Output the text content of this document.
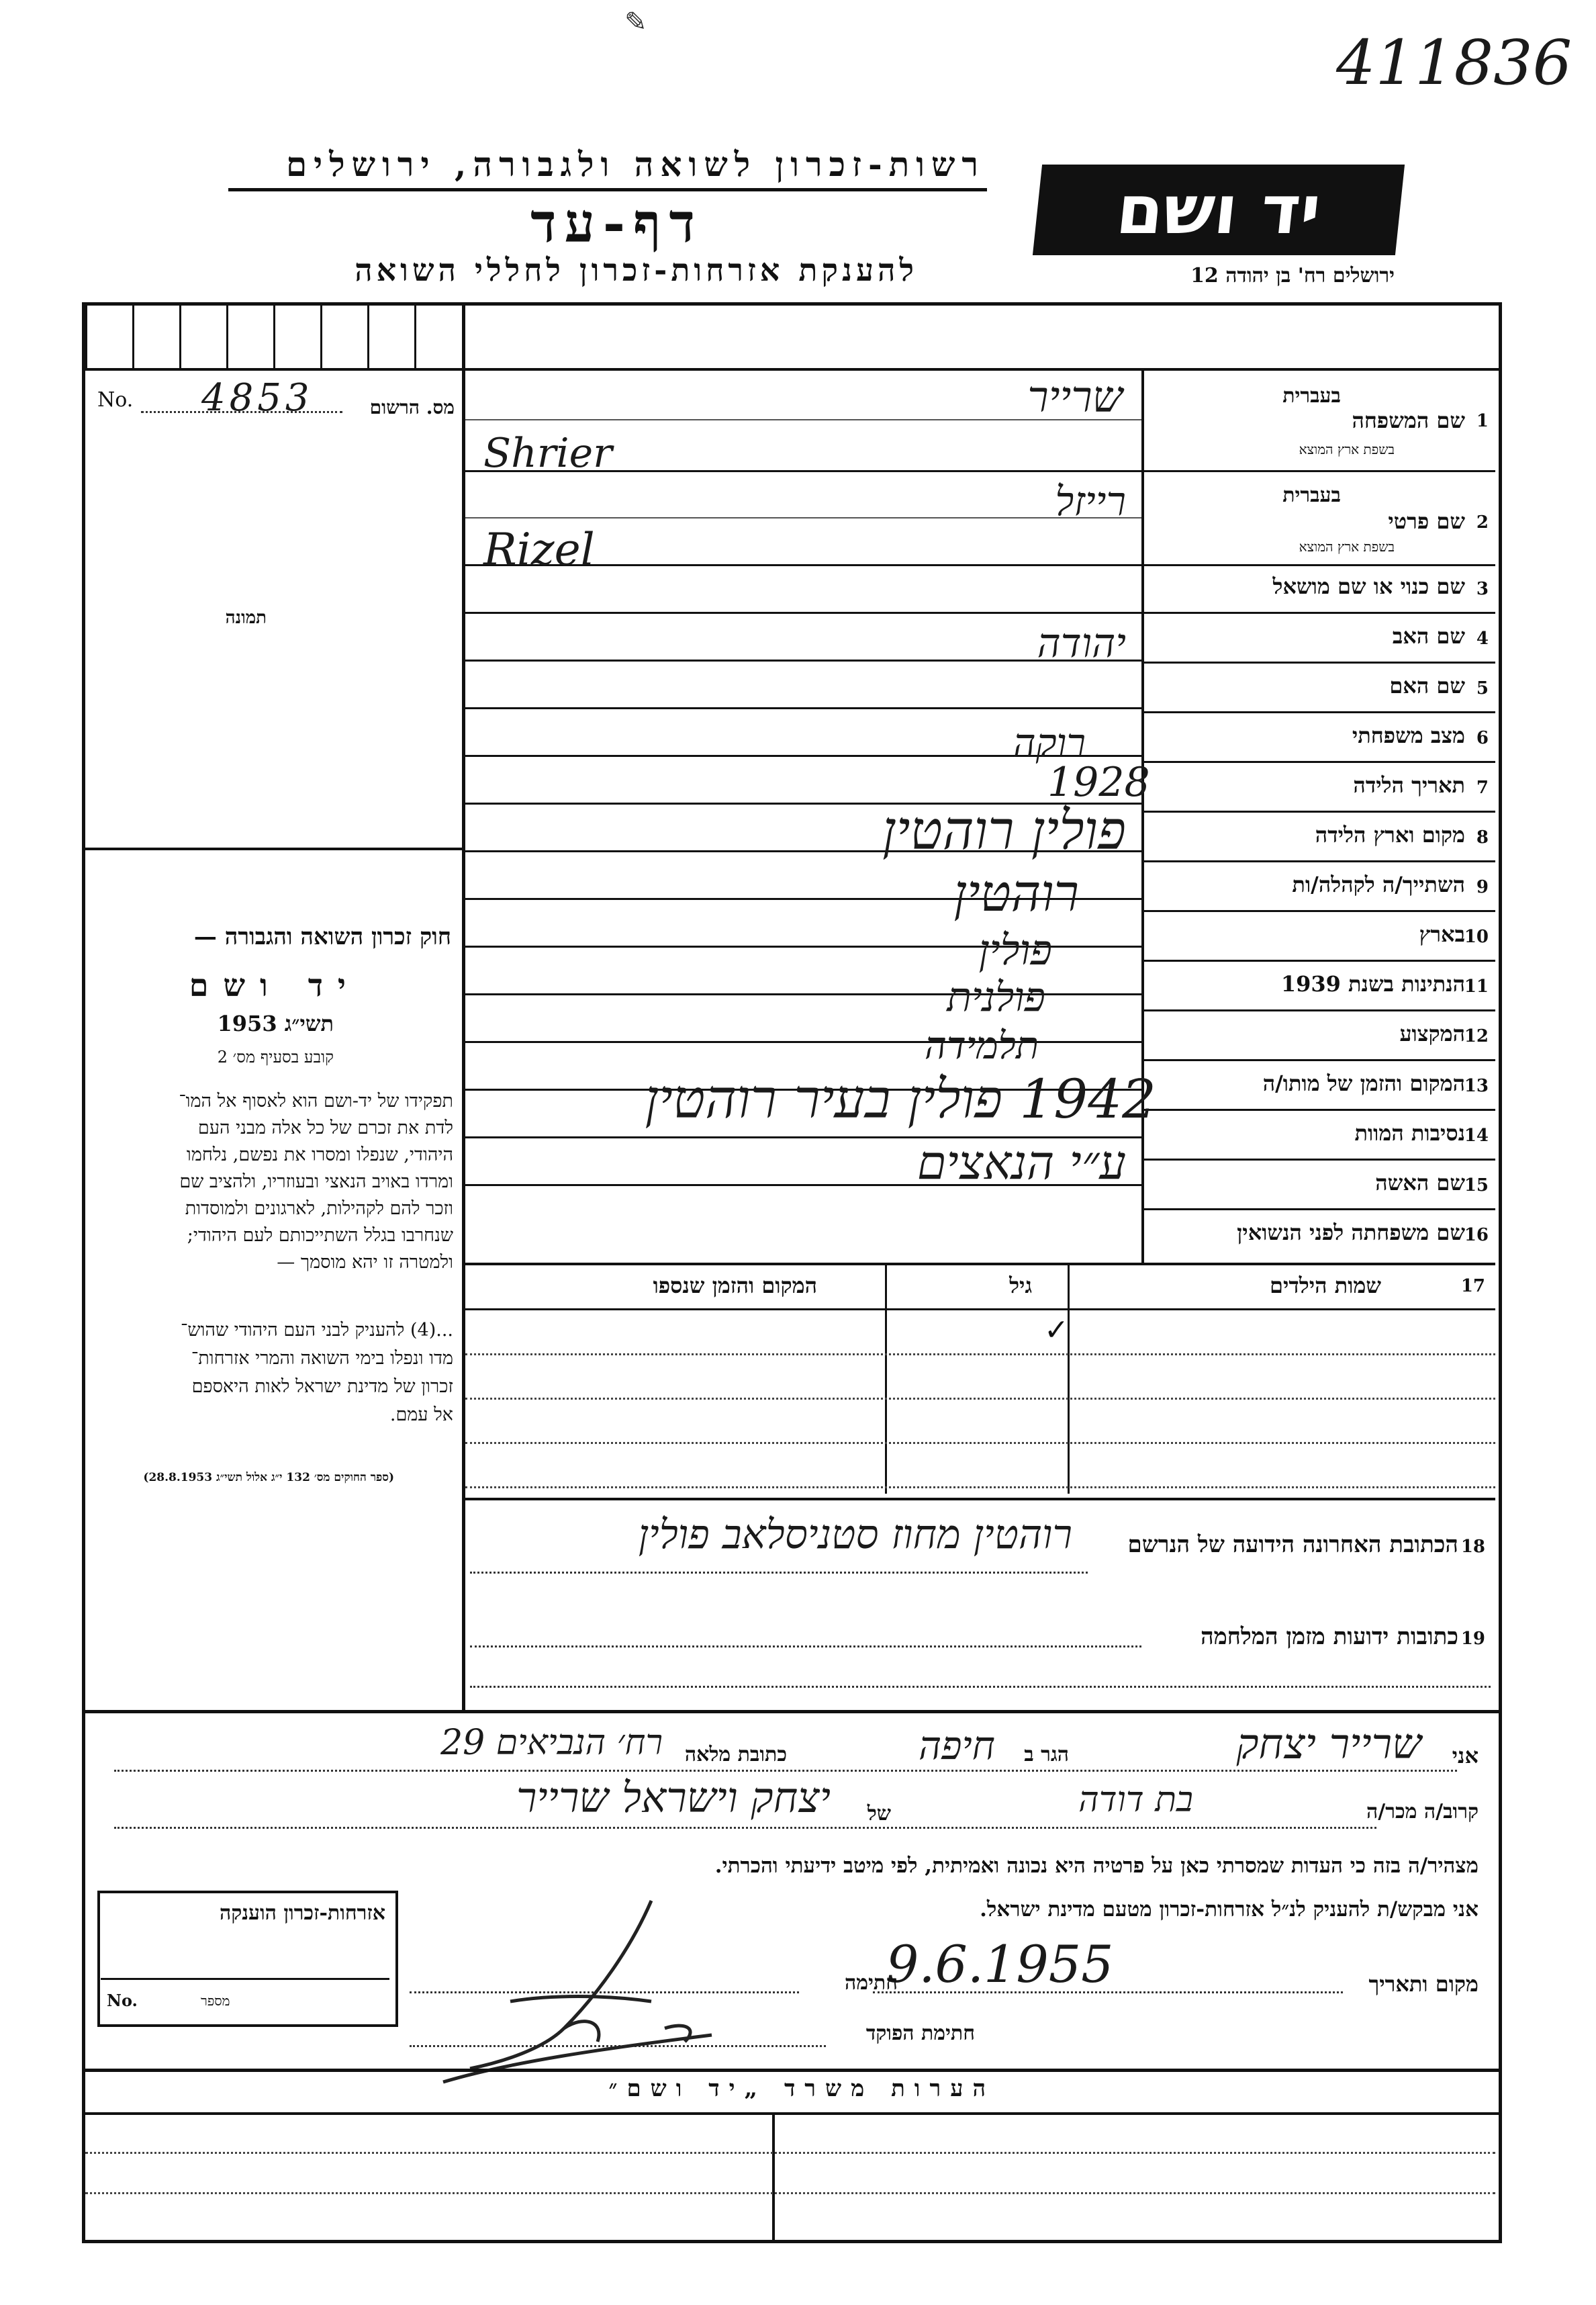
411836
✎
רשות-זכרון לשואה ולגבורה, ירושלים
דף-עד
להענקת אזרחות-זכרון לחללי השואה
יד ושם
ירושלים רח' בן יהודה 12
No. 4853	מס. הרשום
תמונה
חוק זכרון השואה והגבורה —
יד ושם
תשי״ג 1953
קובע בסעיף מס׳ 2
תפקידו של יד-ושם הוא לאסוף אל המו־
לדת את זכרם של כל אלה מבני העם
היהודי, שנפלו ומסרו את נפשם, נלחמו
ומרדו באויב הנאצי ובעוזריו, ולהציב שם
וזכר להם לקהילות, לארגונים ולמוסדות
שנחרבו בגלל השתייכותם לעם היהודי;
ולמטרה זו יהא מוסמך —
...(4) להעניק לבני העם היהודי שהוש־
מדו ונפלו בימי השואה והמרי אזרחות־
זכרון של מדינת ישראל לאות היאספם
אל עמם.
(ספר החוקים מס׳ 132 י״ג אלול תשי״ג 28.8.1953)
בעברית
1
שם המשפחה
בשפת ארץ המוצא
בעברית
2
שם פרטי
בשפת ארץ המוצא
3
שם כנוי או שם מושאל
4
שם האב
5
שם האם
6
מצב משפחתי
7
תאריך הלידה
8
מקום וארץ הלידה
9
השתייך/ה לקהלה/ות
10
בארץ
11
הנתינות בשנת 1939
12
המקצוע
13
המקום והזמן של מותו/ה
14
נסיבות המוות
15
שם האשה
16
שם משפחתה לפני הנשואין
שרייר
Shrier
רייזל
Rizel
יהודה
רוקה
1928
פולין רוהטין
רוהטין
פולין
פולנית
תלמידה
1942 פולין בעיר רוהטין
ע״י הנאצים
17
שמות הילדים
גיל
המקום והזמן שנספו
✓
18
הכתובת האחרונה הידועה של הנרשם
רוהטין מחוז סטניסלאב פולין
19
כתובות ידועות מזמן המלחמה
אני
שרייר יצחק
הגר ב
חיפה
כתובת מלאה
רח׳ הנביאים 29
קרוב/ה מכר/ה
בת דודה
של
יצחק וישראל שרייר
מצהיר/ה בזה כי העדות שמסרתי כאן על פרטיה היא נכונה ואמיתית, לפי מיטב ידיעתי והכרתי.
אני מבקש/ת להעניק לנ״ל אזרחות-זכרון מטעם מדינת ישראל.
אזרחות-זכרון הוענקה
No.	מספר
מקום ותאריך
9.6.1955
חתימה
חתימת הפוקד
הערות משרד „יד ושם״
